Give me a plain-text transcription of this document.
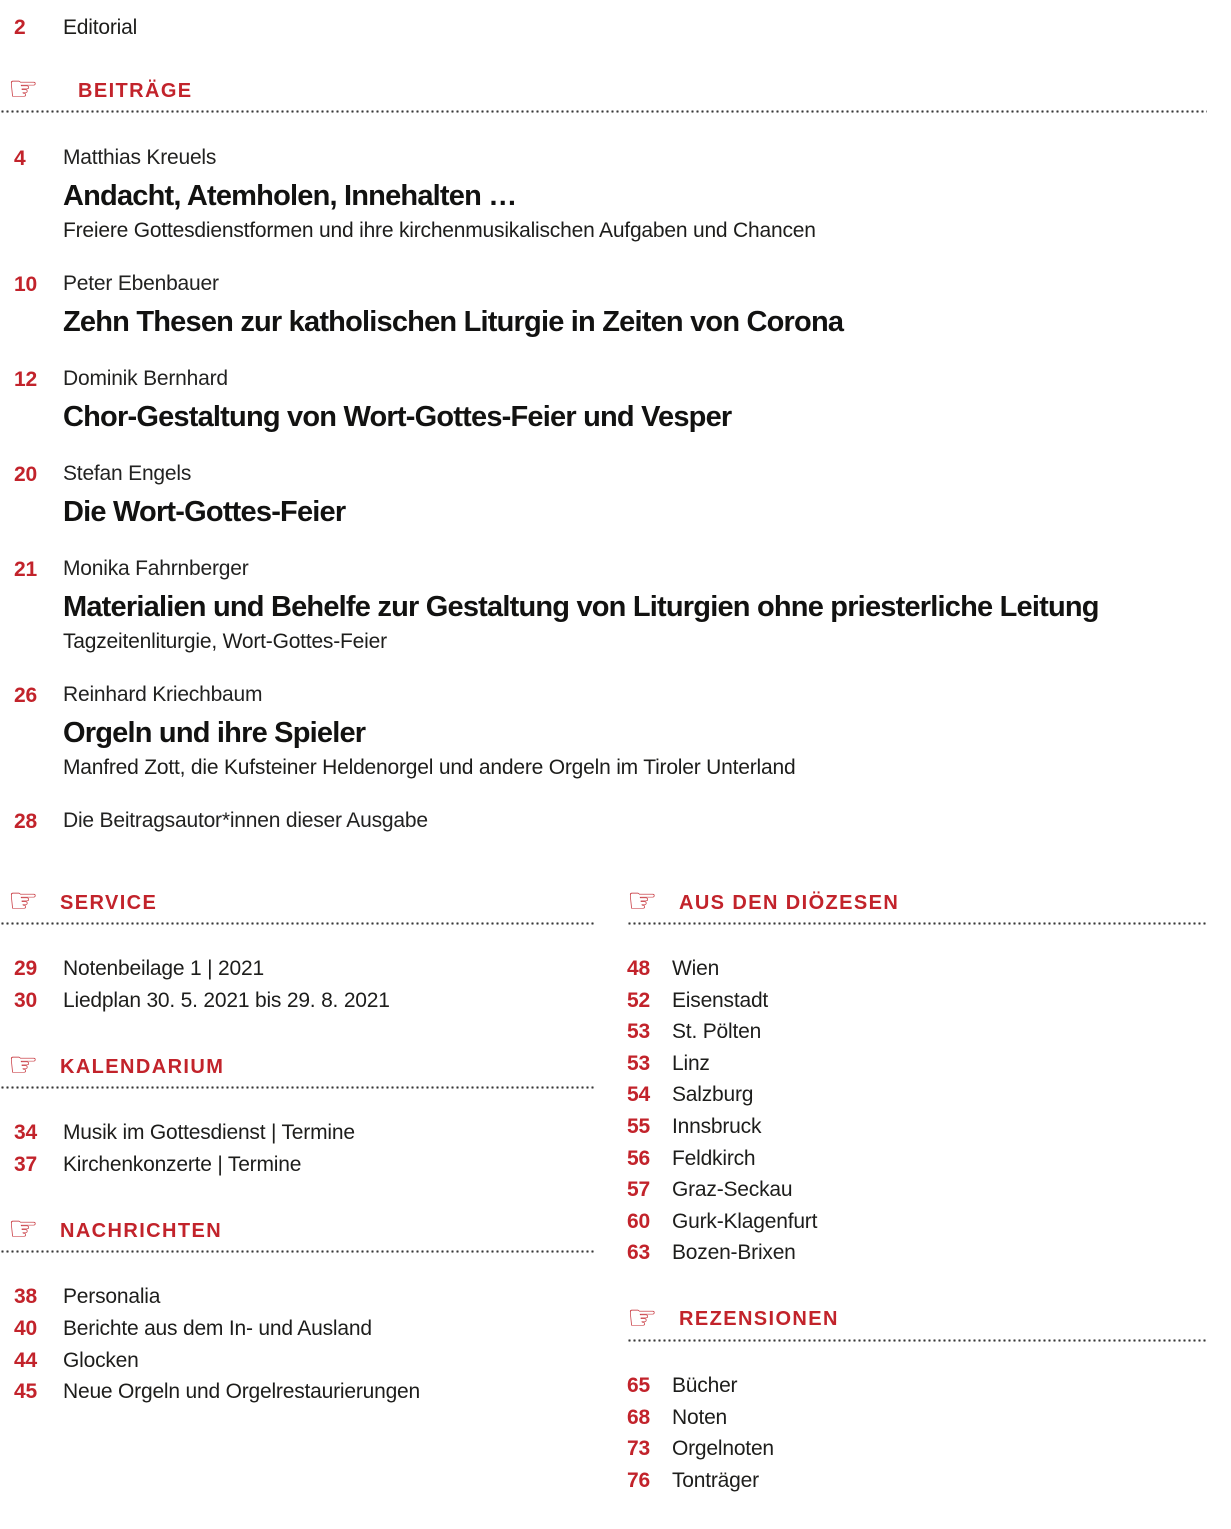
2	Editorial
☞	BEITRÄGE
4	Matthias Kreuels
Andacht, Atemholen, Innehalten …
Freiere Gottesdienstformen und ihre kirchenmusikalischen Aufgaben und Chancen
10	Peter Ebenbauer
Zehn Thesen zur katholischen Liturgie in Zeiten von Corona
12	Dominik Bernhard
Chor-Gestaltung von Wort-Gottes-Feier und Vesper
20	Stefan Engels
Die Wort-Gottes-Feier
21	Monika Fahrnberger
Materialien und Behelfe zur Gestaltung von Liturgien ohne priesterliche Leitung
Tagzeitenliturgie, Wort-Gottes-Feier
26	Reinhard Kriechbaum
Orgeln und ihre Spieler
Manfred Zott, die Kufsteiner Heldenorgel und andere Orgeln im Tiroler Unterland
28	Die Beitragsautor*innen dieser Ausgabe
☞	SERVICE
29	Notenbeilage 1 | 2021
30	Liedplan 30. 5. 2021 bis 29. 8. 2021
☞	KALENDARIUM
34	Musik im Gottesdienst | Termine
37	Kirchenkonzerte | Termine
☞	NACHRICHTEN
38	Personalia
40	Berichte aus dem In- und Ausland
44	Glocken
45	Neue Orgeln und Orgelrestaurierungen
☞	AUS DEN DIÖZESEN
48	Wien
52	Eisenstadt
53	St. Pölten
53	Linz
54	Salzburg
55	Innsbruck
56	Feldkirch
57	Graz-Seckau
60	Gurk-Klagenfurt
63	Bozen-Brixen
☞	REZENSIONEN
65	Bücher
68	Noten
73	Orgelnoten
76	Tonträger
